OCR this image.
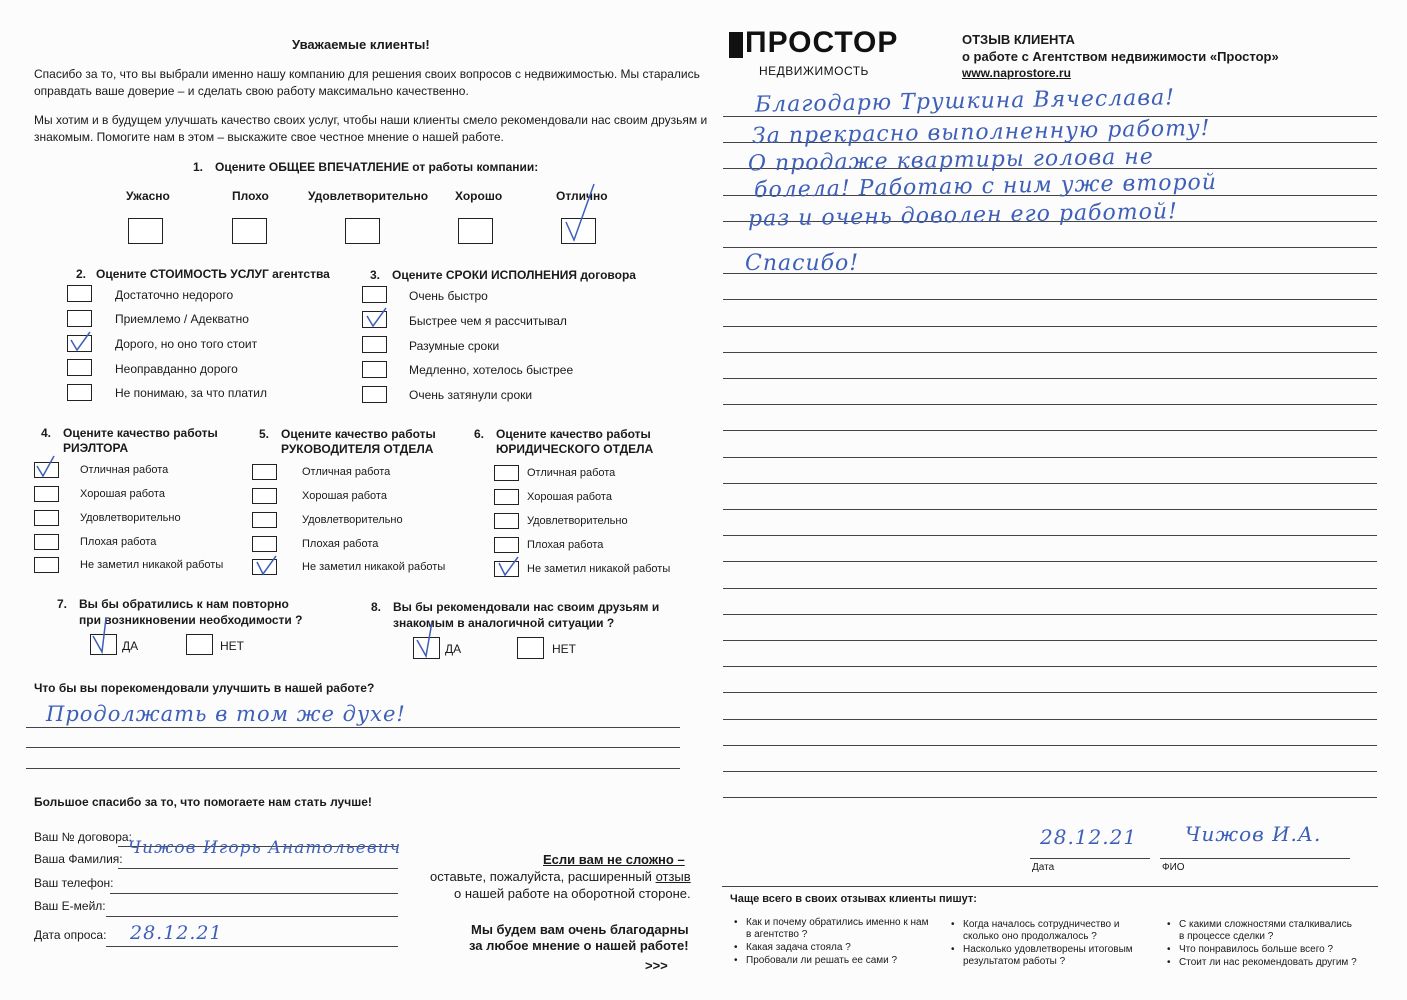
Уважаемые клиенты!
Спасибо за то, что вы выбрали именно нашу компанию для решения своих вопросов с недвижимостью. Мы старались
оправдать ваше доверие – и сделать свою работу максимально качественно.
Мы хотим и в будущем улучшать качество своих услуг, чтобы наши клиенты смело рекомендовали нас своим друзьям и
знакомым. Помогите нам в этом – выскажите свое честное мнение о нашей работе.
1. Оцените ОБЩЕЕ ВПЕЧАТЛЕНИЕ от работы компании:
Ужасно	Плохо	Удовлетворительно Хорошо	Отлично
2. Оцените СТОИМОСТЬ УСЛУГ агентства
Достаточно недорого
Приемлемо / Адекватно
Дорого, но оно того стоит
Неоправданно дорого
Не понимаю, за что платил
3. Оцените СРОКИ ИСПОЛНЕНИЯ договора
Очень быстро
Быстрее чем я рассчитывал
Разумные сроки
Медленно, хотелось быстрее
Очень затянули сроки
4. Оцените качество работы
РИЭЛТОРА
Отличная работа
Хорошая работа
Удовлетворительно
Плохая работа
Не заметил никакой работы
5. Оцените качество работы
РУКОВОДИТЕЛЯ ОТДЕЛА
Отличная работа
Хорошая работа
Удовлетворительно
Плохая работа
Не заметил никакой работы
6. Оцените качество работы
ЮРИДИЧЕСКОГО ОТДЕЛА
Отличная работа
Хорошая работа
Удовлетворительно
Плохая работа
Не заметил никакой работы
7. Вы бы обратились к нам повторно
при возникновении необходимости ?
ДА	НЕТ
8. Вы бы рекомендовали нас своим друзьям и
знакомым в аналогичной ситуации ?
ДА	НЕТ
Что бы вы порекомендовали улучшить в нашей работе?
Продолжать в том же духе!
Большое спасибо за то, что помогаете нам стать лучше!
Ваш № договора:
Ваша Фамилия:
Чижов Игорь Анатольевич
Ваш телефон:
Ваш Е-мейл:
Дата опроса: 28.12.21
Если вам не сложно –
оставьте, пожалуйста, расширенный отзыв
о нашей работе на оборотной стороне.
Мы будем вам очень благодарны
за любое мнение о нашей работе!
>>>
ПРОСТОР
НЕДВИЖИМОСТЬ
ОТЗЫВ КЛИЕНТА
о работе с Агентством недвижимости «Простор»
www.naprostore.ru
Благодарю Трушкина Вячеслава!
За прекрасно выполненную работу!
О продаже квартиры голова не
болела! Работаю с ним уже второй
раз и очень доволен его работой!
Спасибо!
28.12.21 Чижов И.А.
Дата	ФИО
Чаще всего в своих отзывах клиенты пишут:
• Как и почему обратились именно к нам в агентство ?
• Какая задача стояла ?
• Пробовали ли решать ее сами ?
• Когда началось сотрудничество и сколько оно продолжалось ?
• Насколько удовлетворены итоговым результатом работы ?
• С какими сложностями сталкивались в процессе сделки ?
• Что понравилось больше всего ?
• Стоит ли нас рекомендовать другим ?
